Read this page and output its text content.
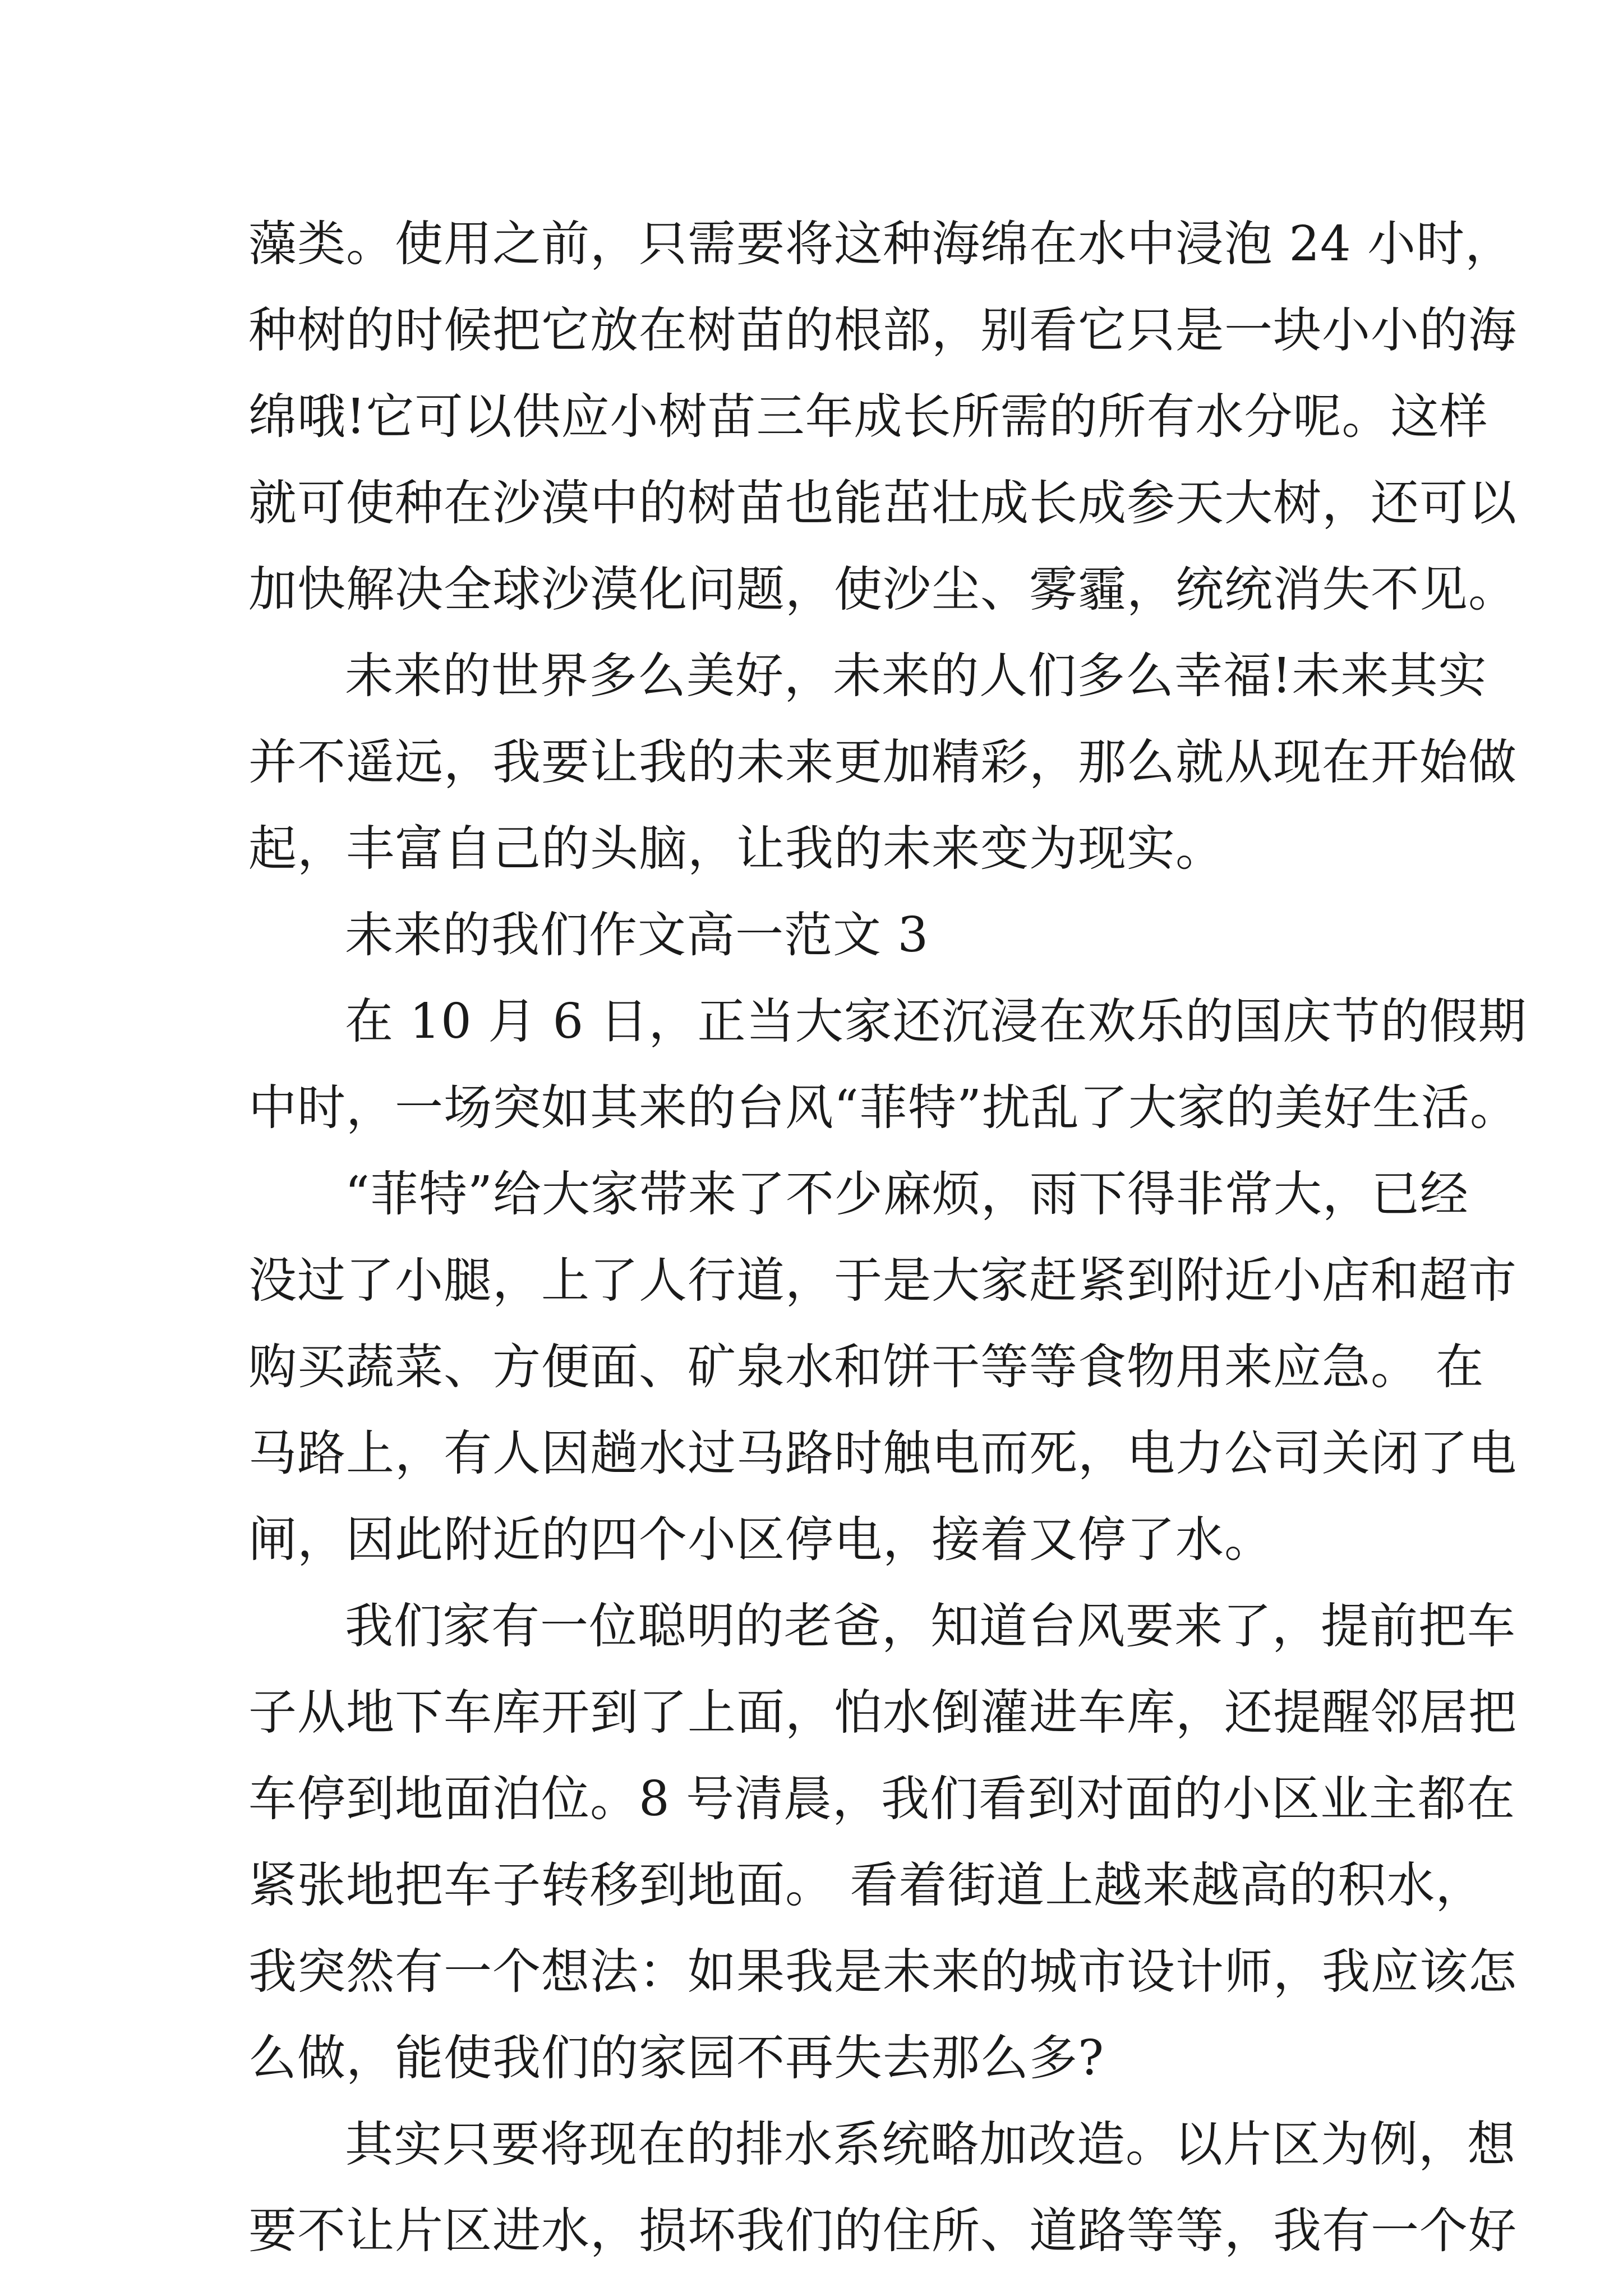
藻类。使用之前，只需要将这种海绵在水中浸泡 24 小时，
种树的时候把它放在树苗的根部，别看它只是一块小小的海
绵哦!它可以供应小树苗三年成长所需的所有水分呢。这样
就可使种在沙漠中的树苗也能茁壮成长成参天大树，还可以
加快解决全球沙漠化问题，使沙尘、雾霾，统统消失不见。
未来的世界多么美好，未来的人们多么幸福!未来其实
并不遥远，我要让我的未来更加精彩，那么就从现在开始做
起，丰富自己的头脑，让我的未来变为现实。
未来的我们作文高一范文 3
在 10 月 6 日，正当大家还沉浸在欢乐的国庆节的假期
中时，一场突如其来的台风“菲特”扰乱了大家的美好生活。
“菲特”给大家带来了不少麻烦，雨下得非常大，已经
没过了小腿，上了人行道，于是大家赶紧到附近小店和超市
购买蔬菜、方便面、矿泉水和饼干等等食物用来应急。 在
马路上，有人因趟水过马路时触电而死，电力公司关闭了电
闸，因此附近的四个小区停电，接着又停了水。
我们家有一位聪明的老爸，知道台风要来了，提前把车
子从地下车库开到了上面，怕水倒灌进车库，还提醒邻居把
车停到地面泊位。8 号清晨，我们看到对面的小区业主都在
紧张地把车子转移到地面。 看着街道上越来越高的积水，
我突然有一个想法：如果我是未来的城市设计师，我应该怎
么做，能使我们的家园不再失去那么多?
其实只要将现在的排水系统略加改造。以片区为例，想
要不让片区进水，损坏我们的住所、道路等等，我有一个好
